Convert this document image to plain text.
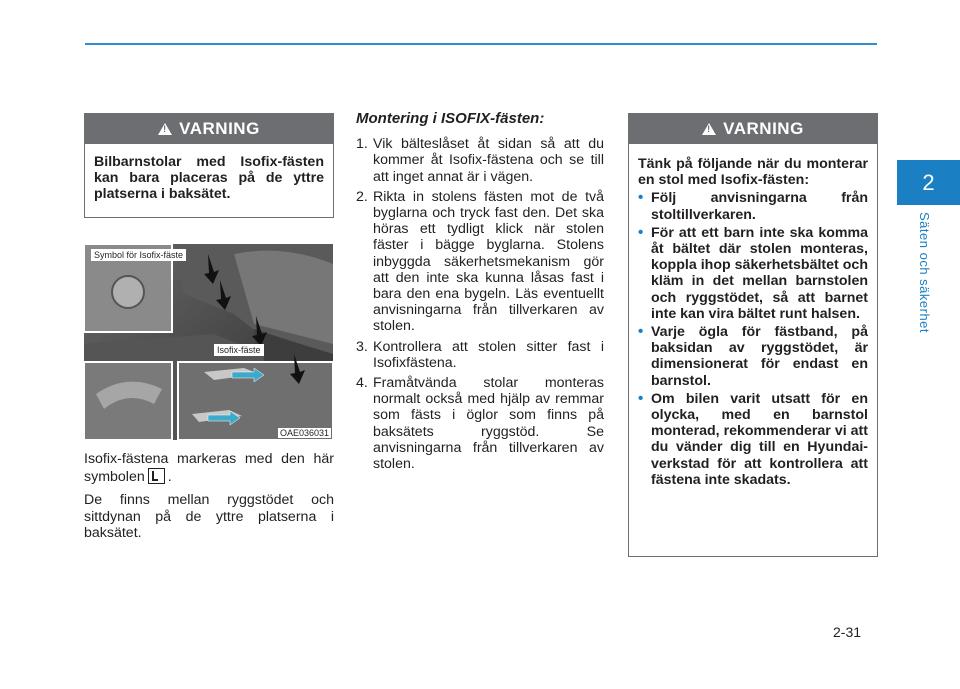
2
Säten och säkerhet
!
VARNING
Bilbarnstolar med Isofix-fästen kan bara placeras på de yttre platserna i baksätet.
Symbol för Isofix-fäste
Isofix-fäste
OAE036031

Isofix-fästena markeras med den här symbolen .

De finns mellan ryggstödet och sittdynan på de yttre platserna i baksätet.

Montering i ISOFIX-fästen:
1. Vik bälteslåset åt sidan så att du kommer åt Isofix-fästena och se till att inget annat är i vägen.
2. Rikta in stolens fästen mot de två byglarna och tryck fast den. Det ska höras ett tydligt klick när stolen fäster i bägge byglarna. Stolens inbyggda säkerhetsmekanism gör att den inte ska kunna låsas fast i bara den ena bygeln. Läs eventuellt anvisningarna från tillverkaren av stolen.
3. Kontrollera att stolen sitter fast i Isofixfästena.
4. Framåtvända stolar monteras normalt också med hjälp av remmar som fästs i öglor som finns på baksätets ryggstöd. Se anvisningarna från tillverkaren av stolen.
!
VARNING
Tänk på följande när du monterar en stol med Isofix-fästen:
• Följ anvisningarna från stoltillverkaren.
• För att ett barn inte ska komma åt bältet där stolen monteras, koppla ihop säkerhetsbältet och kläm in det mellan barnstolen och ryggstödet, så att barnet inte kan vira bältet runt halsen.
• Varje ögla för fästband, på baksidan av ryggstödet, är dimensionerat för endast en barnstol.
• Om bilen varit utsatt för en olycka, med en barnstol monterad, rekommenderar vi att du vänder dig till en Hyundai-verkstad för att kontrollera att fästena inte skadats.
2-31
